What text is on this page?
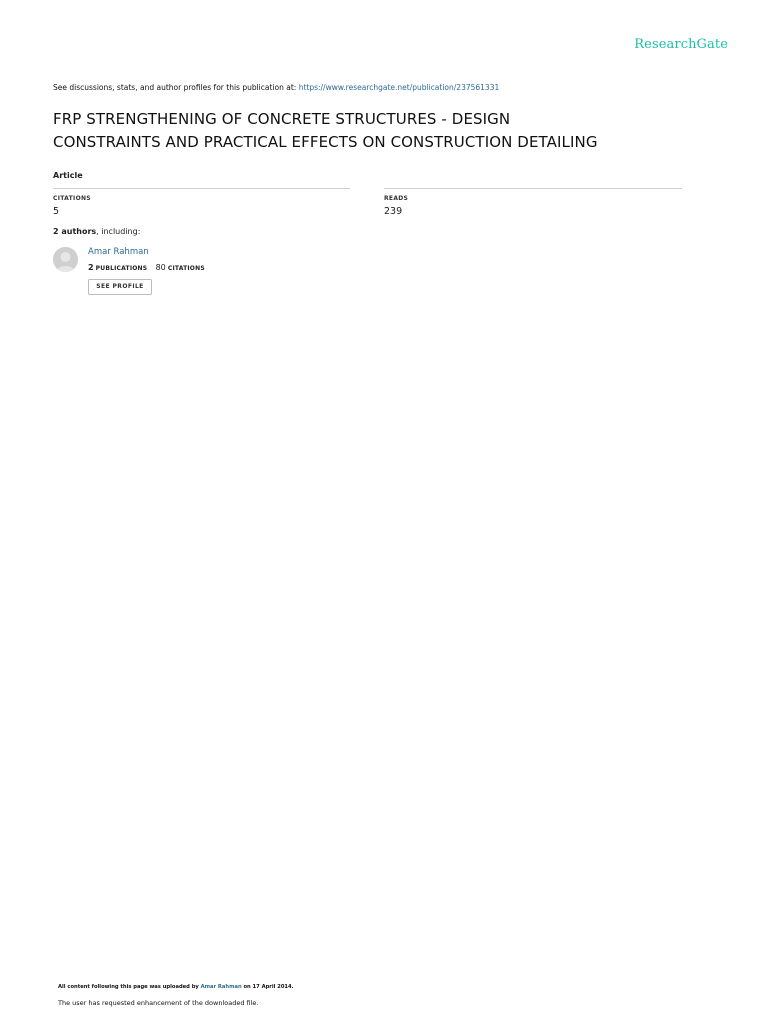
ResearchGate
See discussions, stats, and author profiles for this publication at: https://www.researchgate.net/publication/237561331
FRP STRENGTHENING OF CONCRETE STRUCTURES - DESIGN
CONSTRAINTS AND PRACTICAL EFFECTS ON CONSTRUCTION DETAILING
Article
CITATIONS
5
READS
239
2 authors, including:
Amar Rahman
2 PUBLICATIONS 80 CITATIONS
SEE PROFILE
All content following this page was uploaded by Amar Rahman on 17 April 2014.
The user has requested enhancement of the downloaded file.
